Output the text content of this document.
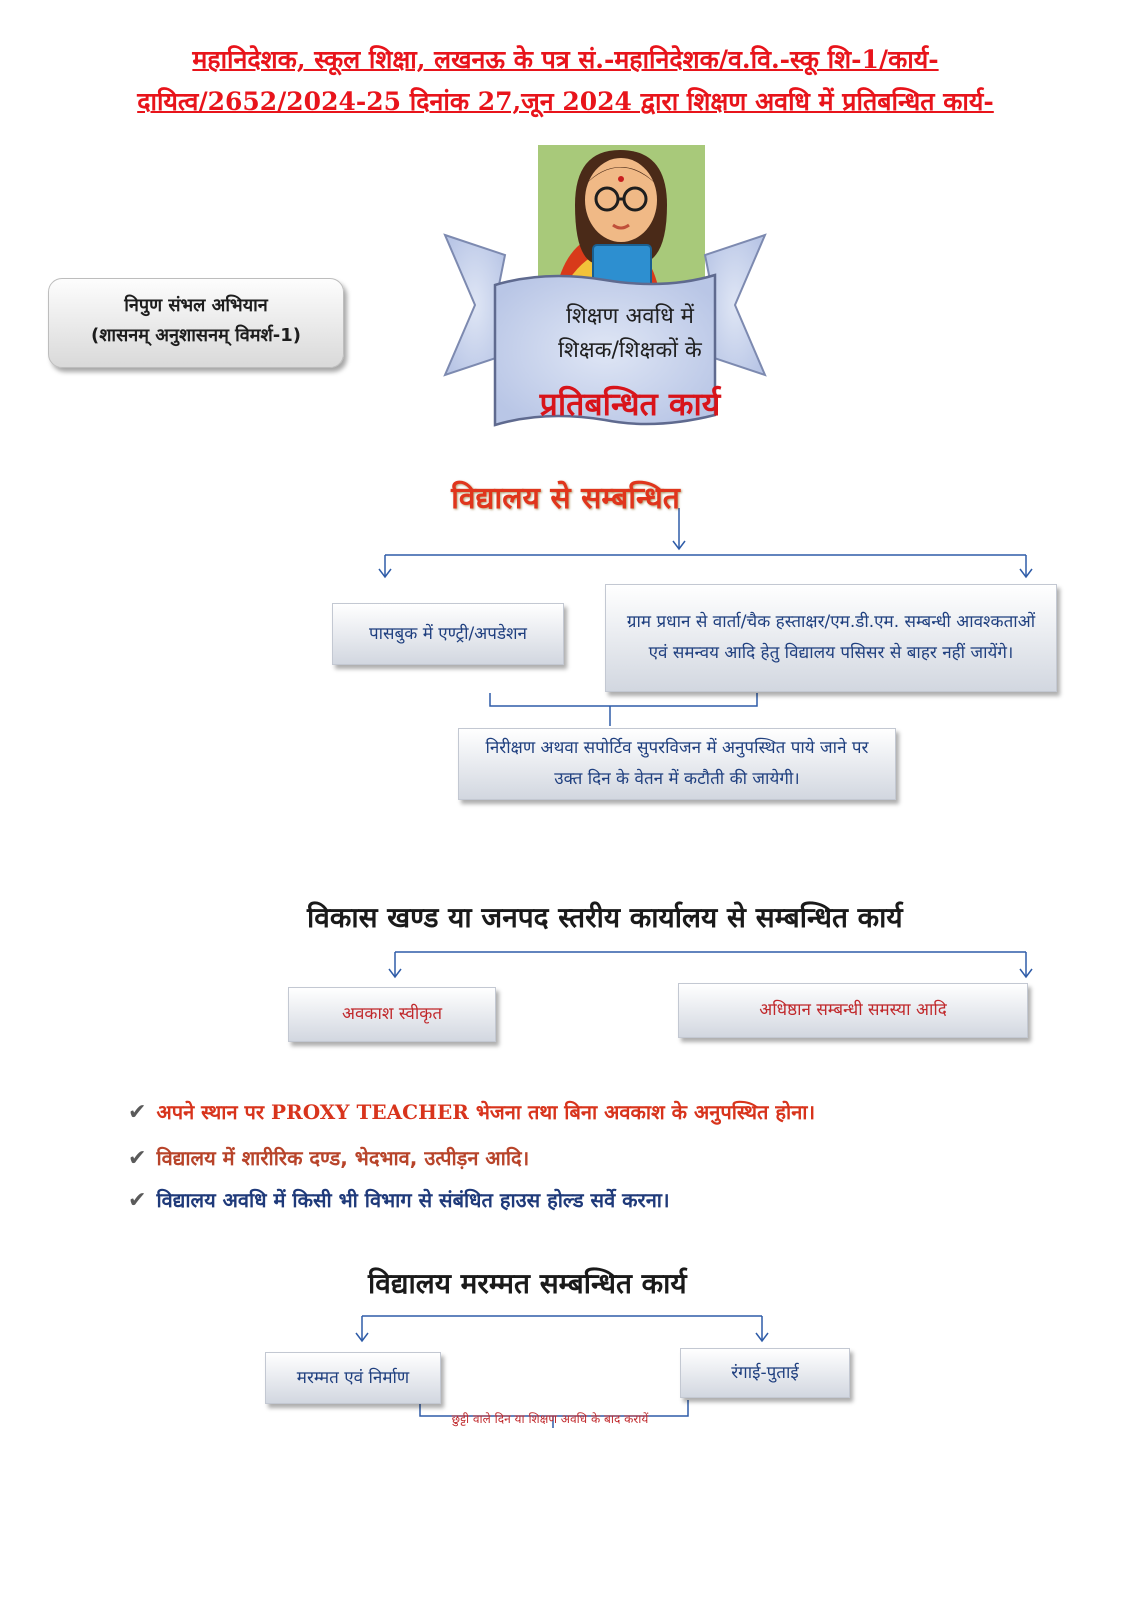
महानिदेशक, स्कूल शिक्षा, लखनऊ के पत्र सं.-महानिदेशक/व.वि.-स्कू शि-1/कार्य-
दायित्व/2652/2024-25 दिनांक 27,जून 2024 द्वारा शिक्षण अवधि में प्रतिबन्धित कार्य-
निपुण संभल अभियान
(शासनम् अनुशासनम् विमर्श-1)
शिक्षण अवधि में
शिक्षक/शिक्षकों के
प्रतिबन्धित कार्य
विद्यालय से सम्बन्धित
पासबुक में एण्ट्री/अपडेशन
ग्राम प्रधान से वार्ता/चैक हस्ताक्षर/एम.डी.एम. सम्बन्धी आवश्कताओं एवं समन्वय आदि हेतु विद्यालय पसिसर से बाहर नहीं जायेंगे।
निरीक्षण अथवा सपोर्टिव सुपरविजन में अनुपस्थित पाये जाने पर उक्त दिन के वेतन में कटौती की जायेगी।
विकास खण्ड या जनपद स्तरीय कार्यालय से सम्बन्धित कार्य
अवकाश स्वीकृत	अधिष्ठान सम्बन्धी समस्या आदि
✔ अपने स्थान पर PROXY TEACHER भेजना तथा बिना अवकाश के अनुपस्थित होना।
✔ विद्यालय में शारीरिक दण्ड, भेदभाव, उत्पीड़न आदि।
✔ विद्यालय अवधि में किसी भी विभाग से संबंधित हाउस होल्ड सर्वे करना।
विद्यालय मरम्मत सम्बन्धित कार्य
मरम्मत एवं निर्माण	रंगाई-पुताई
छुट्टी वाले दिन या शिक्षण अवधि के बाद करायें
